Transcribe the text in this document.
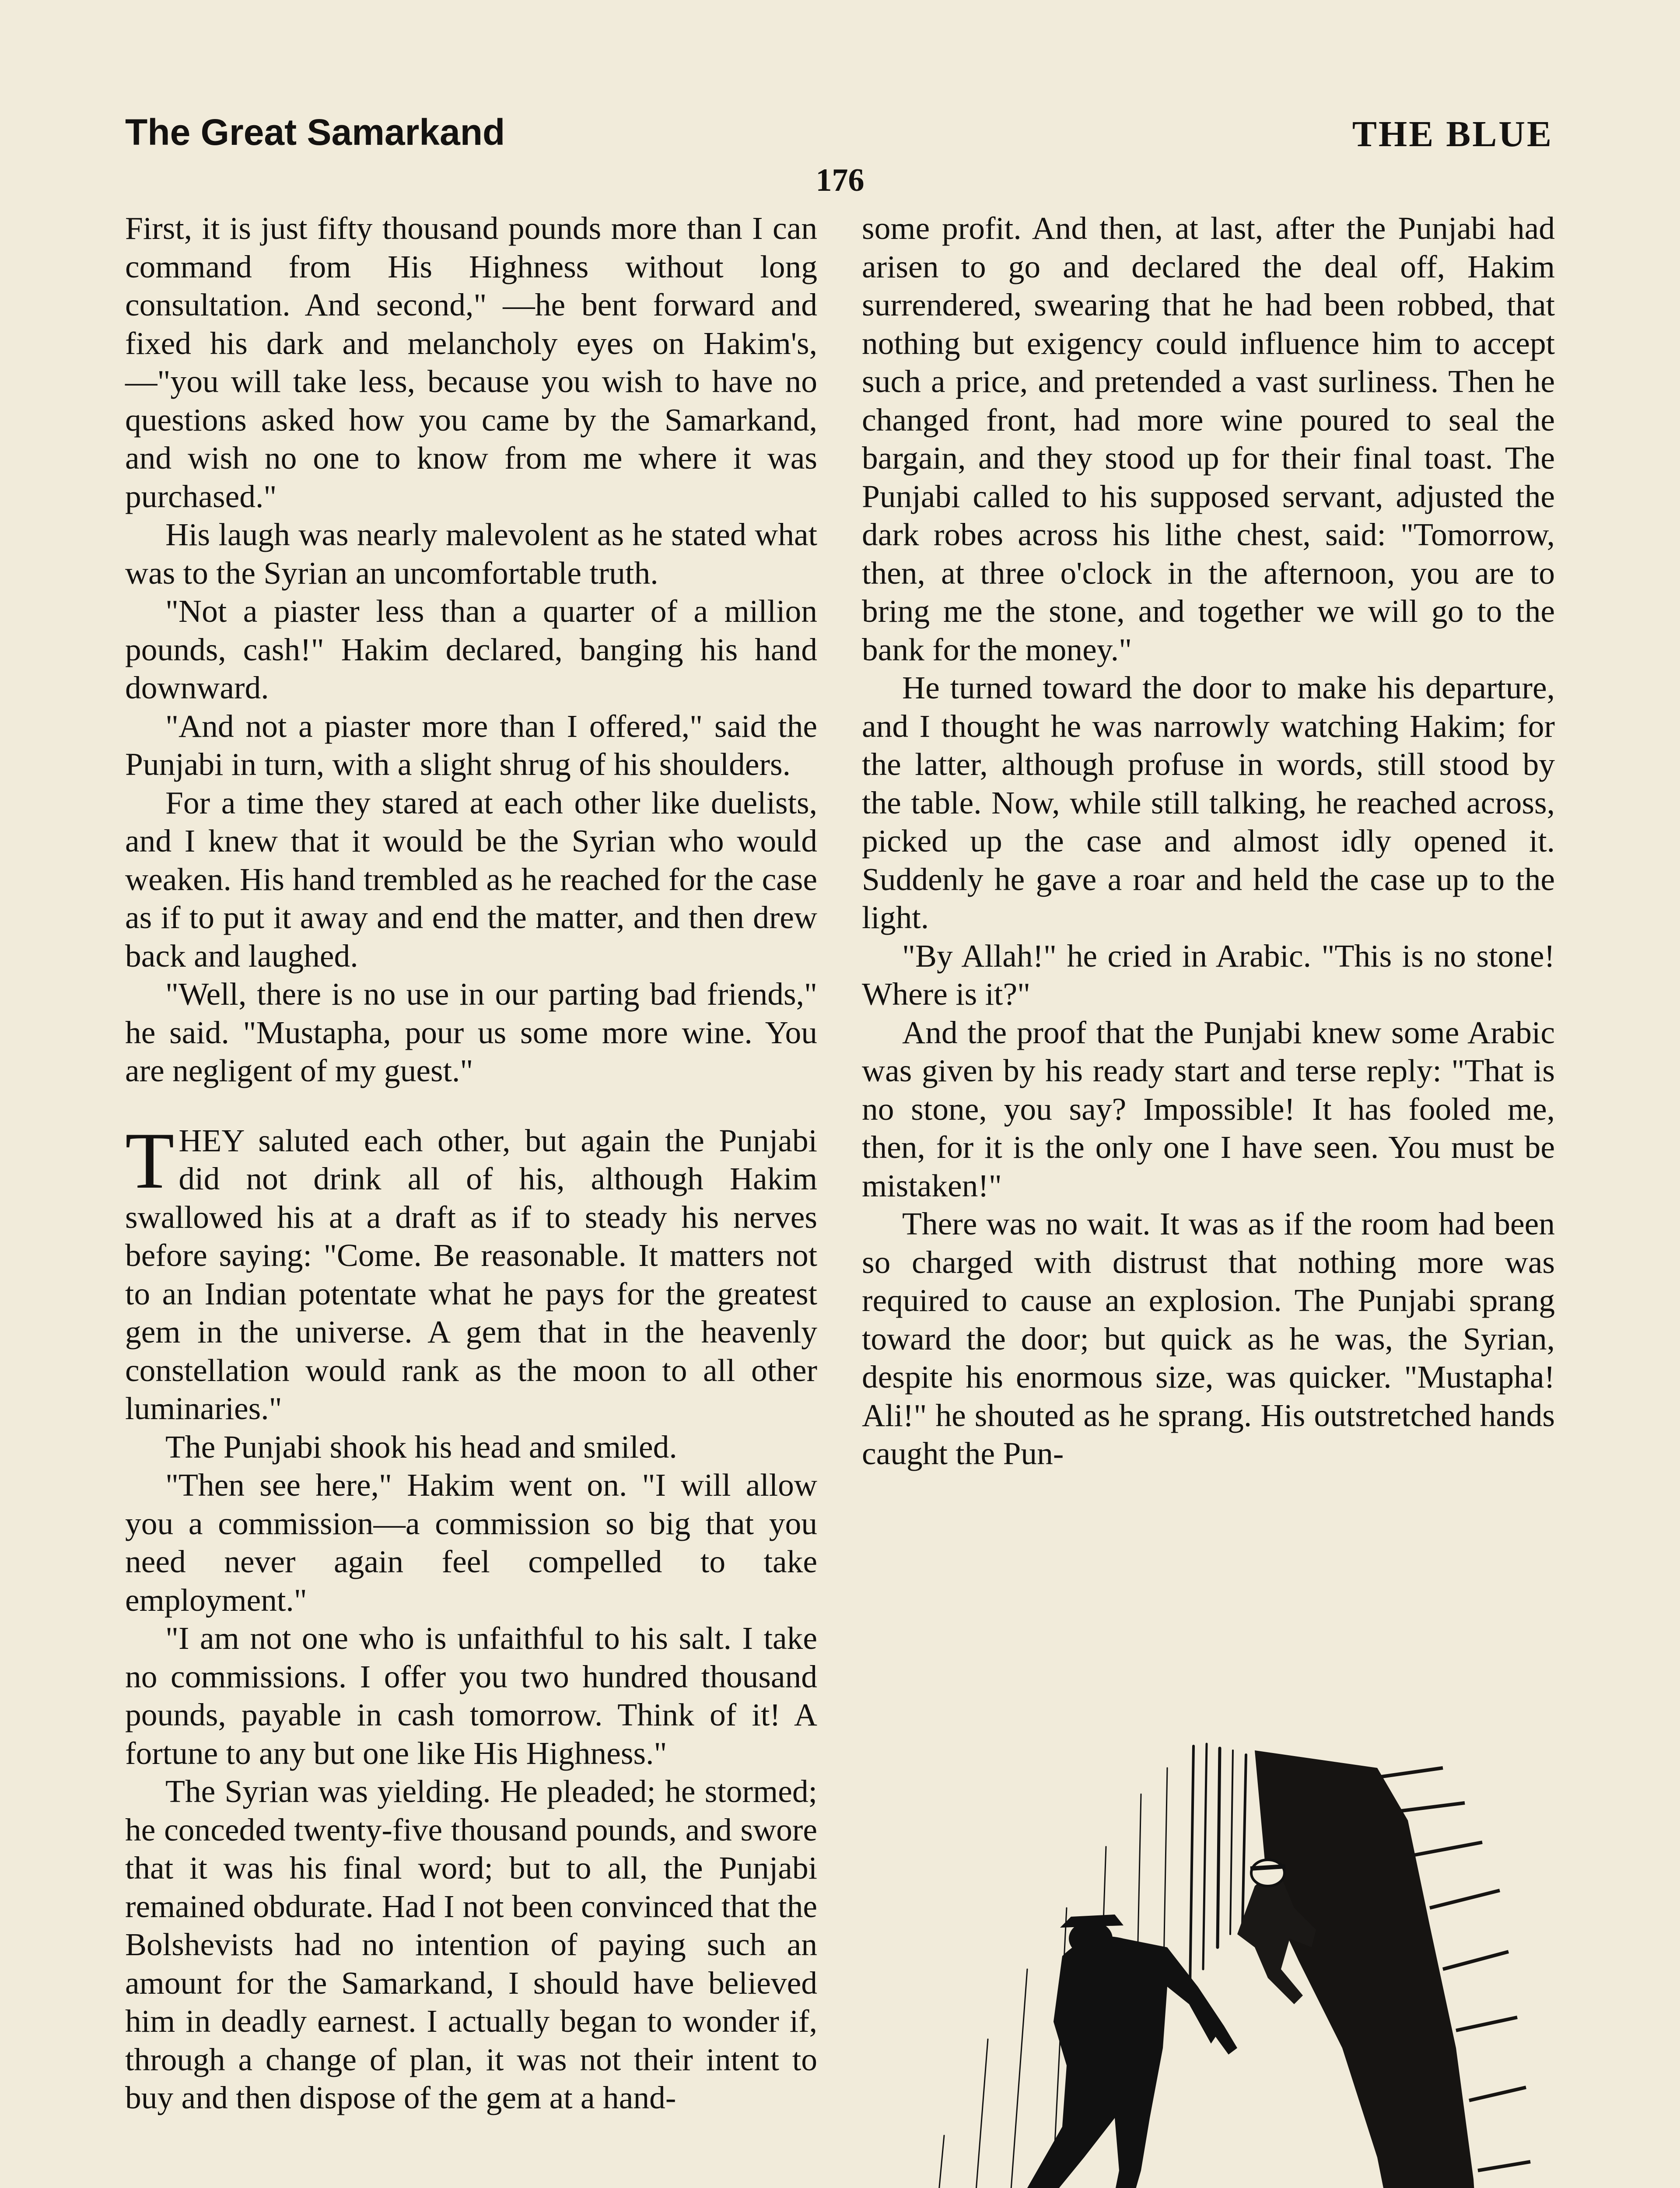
The Great Samarkand	THE BLUE
176

First, it is just fifty thousand pounds more than I can command from His Highness without long consultation. And second," —he bent forward and fixed his dark and melancholy eyes on Hakim's,—"you will take less, because you wish to have no questions asked how you came by the Samarkand, and wish no one to know from me where it was purchased."

His laugh was nearly malevolent as he stated what was to the Syrian an uncomfortable truth.

"Not a piaster less than a quarter of a million pounds, cash!" Hakim declared, banging his hand downward.

"And not a piaster more than I offered," said the Punjabi in turn, with a slight shrug of his shoulders.

For a time they stared at each other like duelists, and I knew that it would be the Syrian who would weaken. His hand trembled as he reached for the case as if to put it away and end the matter, and then drew back and laughed.

"Well, there is no use in our parting bad friends," he said. "Mustapha, pour us some more wine. You are negligent of my guest."

THEY saluted each other, but again the Punjabi did not drink all of his, although Hakim swallowed his at a draft as if to steady his nerves before saying: "Come. Be reasonable. It matters not to an Indian potentate what he pays for the greatest gem in the universe. A gem that in the heavenly constellation would rank as the moon to all other luminaries."

The Punjabi shook his head and smiled.

"Then see here," Hakim went on. "I will allow you a commission—a commission so big that you need never again feel compelled to take employment."

"I am not one who is unfaithful to his salt. I take no commissions. I offer you two hundred thousand pounds, payable in cash tomorrow. Think of it! A fortune to any but one like His Highness."

The Syrian was yielding. He pleaded; he stormed; he conceded twenty-five thousand pounds, and swore that it was his final word; but to all, the Punjabi remained obdurate. Had I not been convinced that the Bolshevists had no intention of paying such an amount for the Samarkand, I should have believed him in deadly earnest. I actually began to wonder if, through a change of plan, it was not their intent to buy and then dispose of the gem at a hand-

some profit. And then, at last, after the Punjabi had arisen to go and declared the deal off, Hakim surrendered, swearing that he had been robbed, that nothing but exigency could influence him to accept such a price, and pretended a vast surliness. Then he changed front, had more wine poured to seal the bargain, and they stood up for their final toast. The Punjabi called to his supposed servant, adjusted the dark robes across his lithe chest, said: "Tomorrow, then, at three o'clock in the afternoon, you are to bring me the stone, and together we will go to the bank for the money."

He turned toward the door to make his departure, and I thought he was narrowly watching Hakim; for the latter, although profuse in words, still stood by the table. Now, while still talking, he reached across, picked up the case and almost idly opened it. Suddenly he gave a roar and held the case up to the light.

"By Allah!" he cried in Arabic. "This is no stone! Where is it?"

And the proof that the Punjabi knew some Arabic was given by his ready start and terse reply: "That is no stone, you say? Impossible! It has fooled me, then, for it is the only one I have seen. You must be mistaken!"

There was no wait. It was as if the room had been so charged with distrust that nothing more was required to cause an explosion. The Punjabi sprang toward the door; but quick as he was, the Syrian, despite his enormous size, was quicker. "Mustapha! Ali!" he shouted as he sprang. His outstretched hands caught the Pun-
